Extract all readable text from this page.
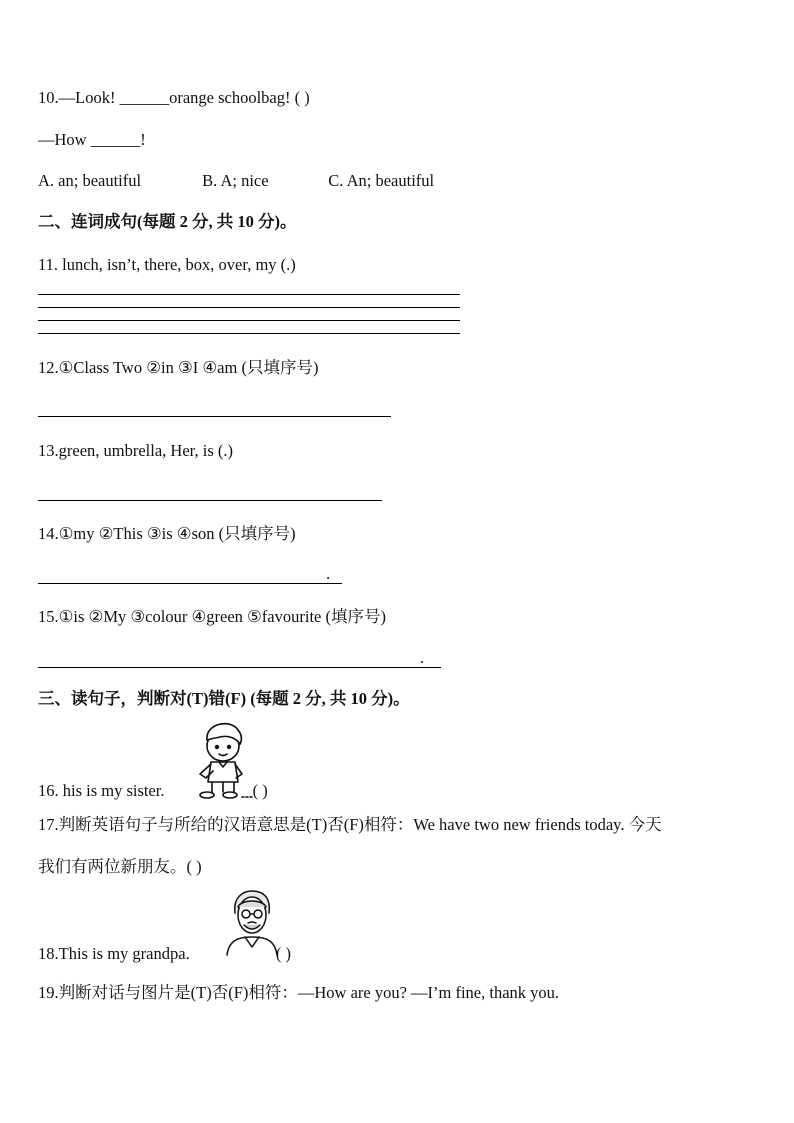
10.—Look! ______orange schoolbag! ( )
—How ______!
A. an; beautiful	B. A; nice	C. An; beautiful
二、连词成句(每题 2 分, 共 10 分)。
11. lunch, isn’t, there, box, over, my (.)
12.①Class Two ②in ③I ④am (只填序号)
13.green, umbrella, Her, is (.)
14.①my ②This ③is ④son (只填序号)
.
15.①is ②My ③colour ④green ⑤favourite (填序号)
.
三、读句子，判断对(T)错(F) (每题 2 分, 共 10 分)。
16. his is my sister.	( )
17.判断英语句子与所给的汉语意思是(T)否(F)相符：We have two new friends today. 今天
我们有两位新朋友。( )
18.This is my grandpa.	( )
19.判断对话与图片是(T)否(F)相符：—How are you? —I’m fine, thank you.
